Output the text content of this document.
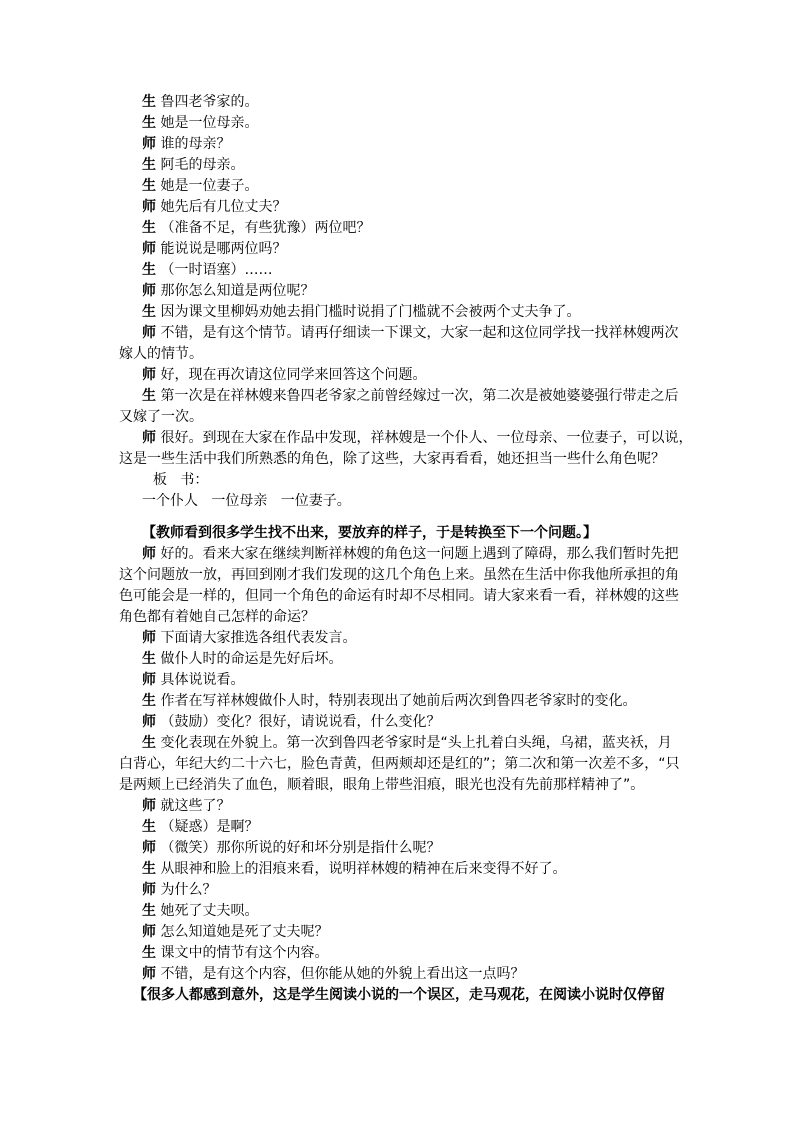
生 鲁四老爷家的。
生 她是一位母亲。
师 谁的母亲？
生 阿毛的母亲。
生 她是一位妻子。
师 她先后有几位丈夫？
生 （准备不足，有些犹豫）两位吧？
师 能说说是哪两位吗？
生 （一时语塞）……
师 那你怎么知道是两位呢？
生 因为课文里柳妈劝她去捐门槛时说捐了门槛就不会被两个丈夫争了。
师 不错，是有这个情节。请再仔细读一下课文，大家一起和这位同学找一找祥林嫂两次
嫁人的情节。
师 好，现在再次请这位同学来回答这个问题。
生 第一次是在祥林嫂来鲁四老爷家之前曾经嫁过一次，第二次是被她婆婆强行带走之后
又嫁了一次。
师 很好。到现在大家在作品中发现，祥林嫂是一个仆人、一位母亲、一位妻子，可以说，
这是一些生活中我们所熟悉的角色，除了这些，大家再看看，她还担当一些什么角色呢？
板   书：
一个仆人   一位母亲   一位妻子。
【教师看到很多学生找不出来，要放弃的样子，于是转换至下一个问题。】
师 好的。看来大家在继续判断祥林嫂的角色这一问题上遇到了障碍，那么我们暂时先把
这个问题放一放，再回到刚才我们发现的这几个角色上来。虽然在生活中你我他所承担的角
色可能会是一样的，但同一个角色的命运有时却不尽相同。请大家来看一看，祥林嫂的这些
角色都有着她自己怎样的命运？
师 下面请大家推选各组代表发言。
生 做仆人时的命运是先好后坏。
师 具体说说看。
生 作者在写祥林嫂做仆人时，特别表现出了她前后两次到鲁四老爷家时的变化。
师 （鼓励）变化？很好，请说说看，什么变化？
生 变化表现在外貌上。第一次到鲁四老爷家时是“头上扎着白头绳，乌裙，蓝夹袄，月
白背心，年纪大约二十六七，脸色青黄，但两颊却还是红的”；第二次和第一次差不多，“只
是两颊上已经消失了血色，顺着眼，眼角上带些泪痕，眼光也没有先前那样精神了”。
师 就这些了？
生 （疑惑）是啊？
师 （微笑）那你所说的好和坏分别是指什么呢？
生 从眼神和脸上的泪痕来看，说明祥林嫂的精神在后来变得不好了。
师 为什么？
生 她死了丈夫呗。
师 怎么知道她是死了丈夫呢？
生 课文中的情节有这个内容。
师 不错，是有这个内容，但你能从她的外貌上看出这一点吗？
【很多人都感到意外，这是学生阅读小说的一个误区，走马观花，在阅读小说时仅停留
